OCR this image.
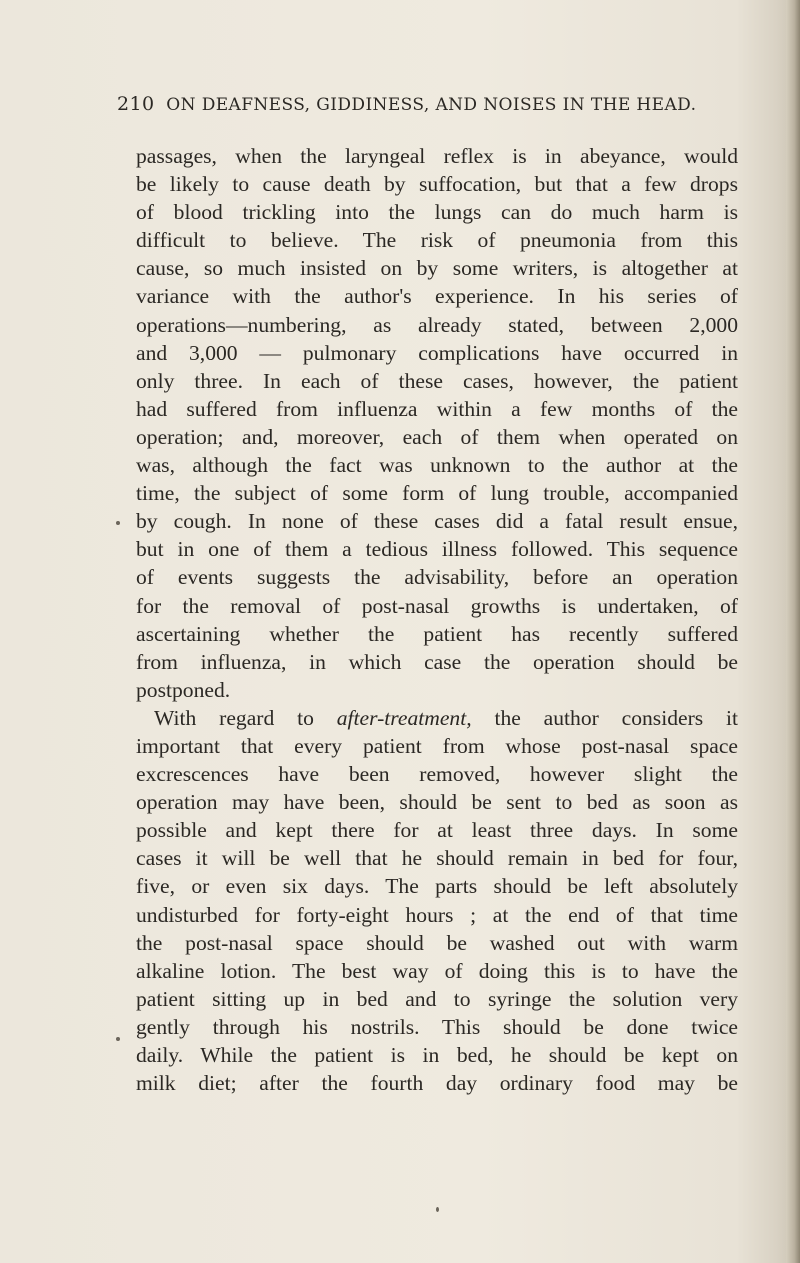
210 ON DEAFNESS, GIDDINESS, AND NOISES IN THE HEAD.
passages, when the laryngeal reflex is in abeyance, would
be likely to cause death by suffocation, but that a few drops
of blood trickling into the lungs can do much harm is
difficult to believe. The risk of pneumonia from this
cause, so much insisted on by some writers, is altogether at
variance with the author's experience. In his series of
operations—numbering, as already stated, between 2,000
and 3,000 — pulmonary complications have occurred in
only three. In each of these cases, however, the patient
had suffered from influenza within a few months of the
operation; and, moreover, each of them when operated on
was, although the fact was unknown to the author at the
time, the subject of some form of lung trouble, accompanied
by cough. In none of these cases did a fatal result ensue,
but in one of them a tedious illness followed. This sequence
of events suggests the advisability, before an operation
for the removal of post-nasal growths is undertaken, of
ascertaining whether the patient has recently suffered
from influenza, in which case the operation should be
postponed.
With regard to after-treatment, the author considers it
important that every patient from whose post-nasal space
excrescences have been removed, however slight the
operation may have been, should be sent to bed as soon as
possible and kept there for at least three days. In some
cases it will be well that he should remain in bed for four,
five, or even six days. The parts should be left absolutely
undisturbed for forty-eight hours ; at the end of that time
the post-nasal space should be washed out with warm
alkaline lotion. The best way of doing this is to have the
patient sitting up in bed and to syringe the solution very
gently through his nostrils. This should be done twice
daily. While the patient is in bed, he should be kept on
milk diet; after the fourth day ordinary food may be
